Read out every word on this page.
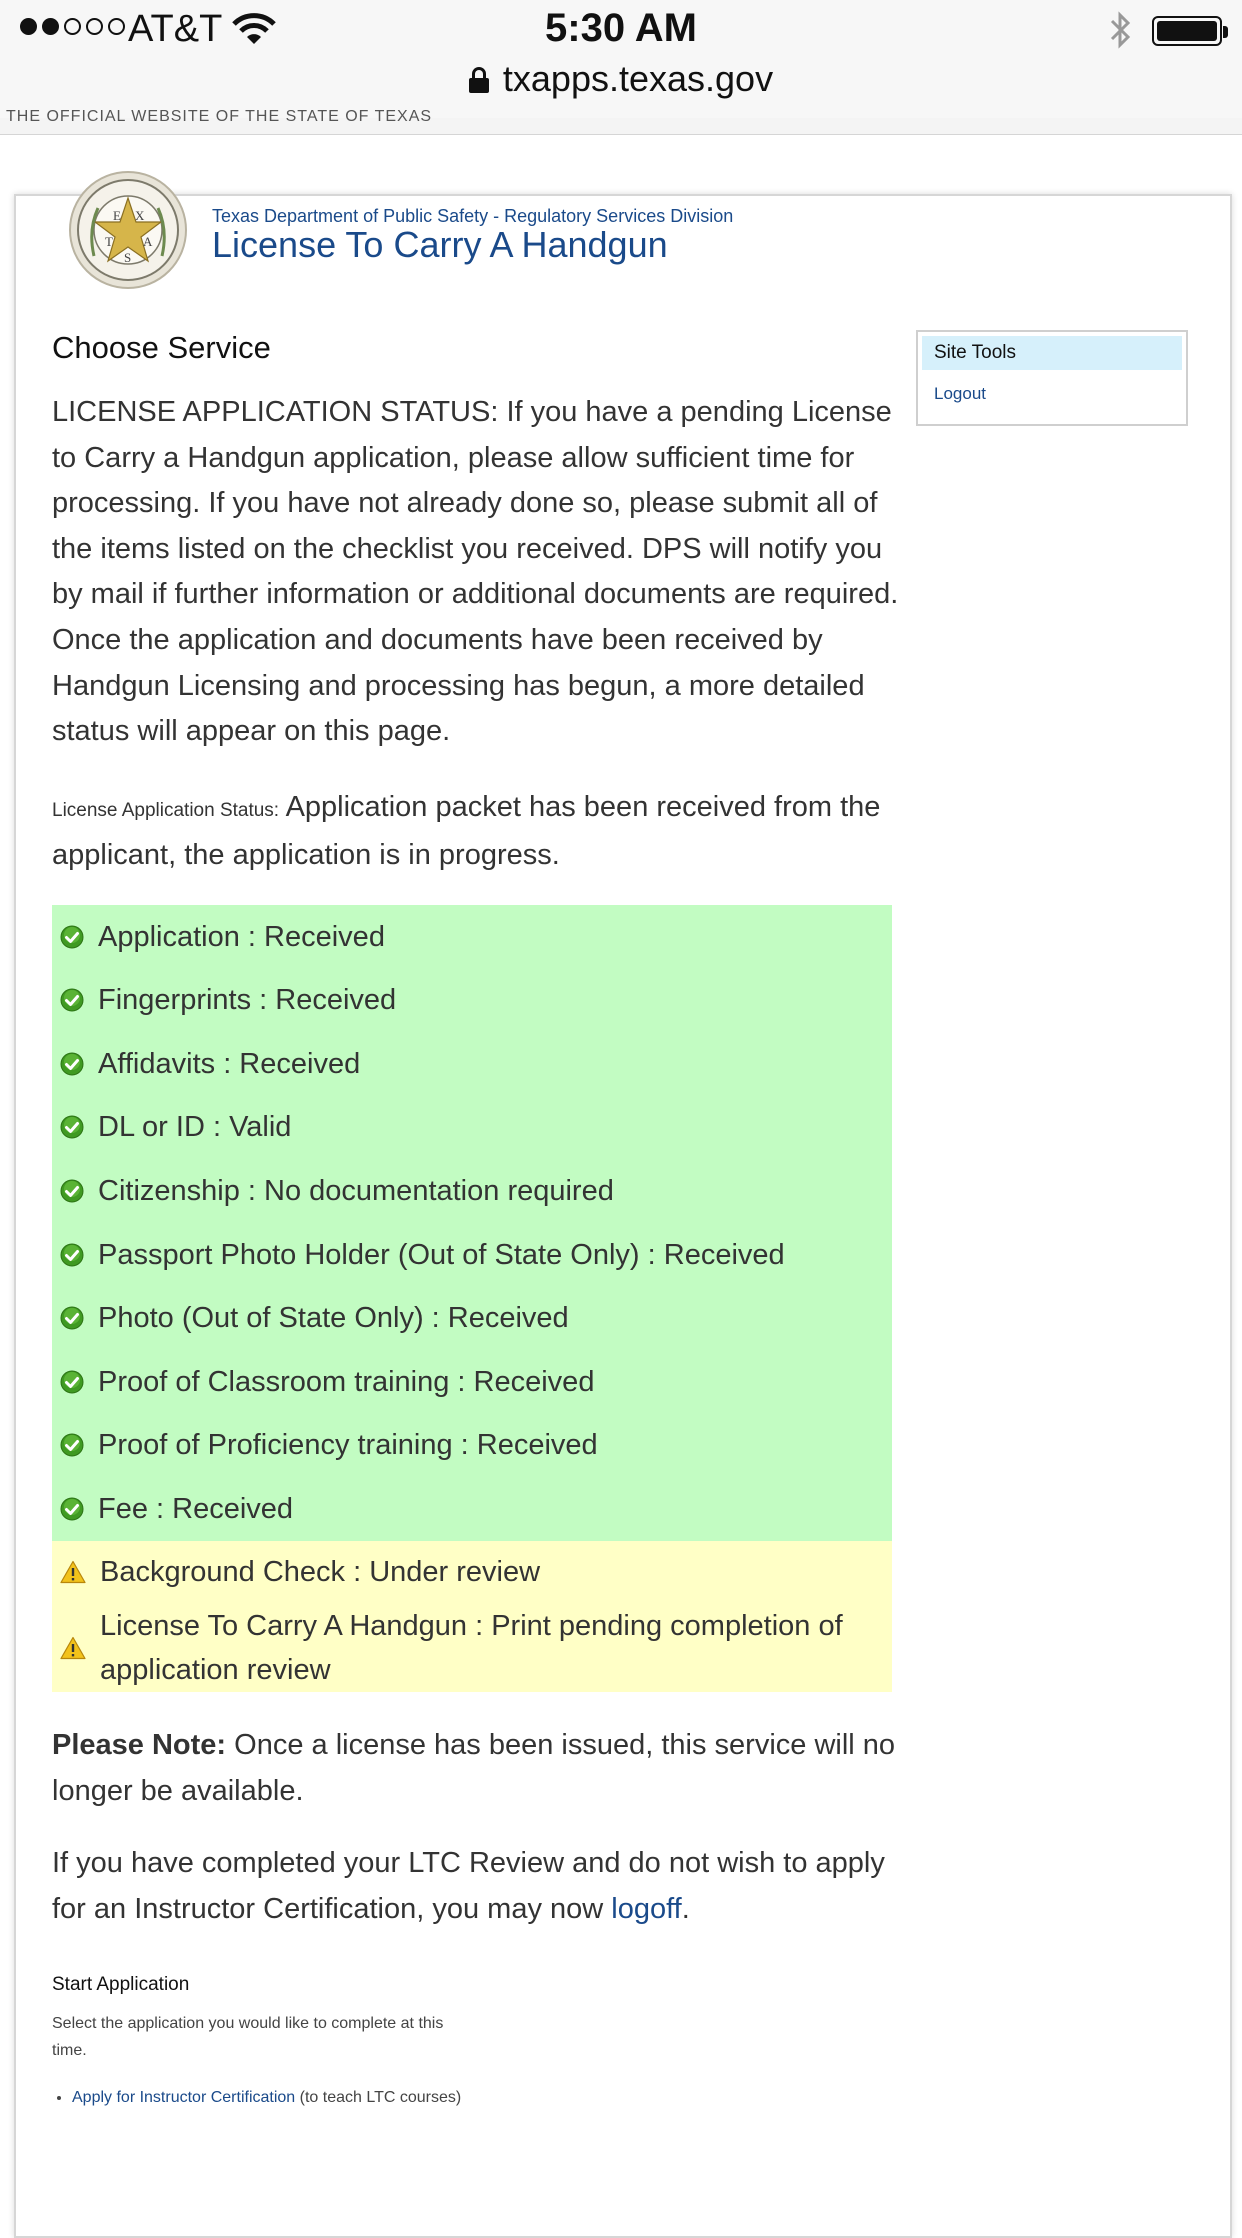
AT&T	5:30 AM
txapps.texas.gov
THE OFFICIAL WEBSITE OF THE STATE OF TEXAS
E X
T
S
A
Texas Department of Public Safety - Regulatory Services Division
License To Carry A Handgun
Choose Service

LICENSE APPLICATION STATUS: If you have a pending License to Carry a Handgun application, please allow sufficient time for processing. If you have not already done so, please submit all of the items listed on the checklist you received. DPS will notify you by mail if further information or additional documents are required. Once the application and documents have been received by Handgun Licensing and processing has begun, a more detailed status will appear on this page.

License Application Status: Application packet has been received from the applicant, the application is in progress.

Application : Received
Fingerprints : Received
Affidavits : Received
DL or ID : Valid
Citizenship : No documentation required
Passport Photo Holder (Out of State Only) : Received
Photo (Out of State Only) : Received
Proof of Classroom training : Received
Proof of Proficiency training : Received
Fee : Received
Background Check : Under review
License To Carry A Handgun : Print pending completion of application review

Please Note: Once a license has been issued, this service will no longer be available.

If you have completed your LTC Review and do not wish to apply for an Instructor Certification, you may now logoff.

Start Application
Select the application you would like to complete at this time.
• Apply for Instructor Certification (to teach LTC courses)
Site Tools
Logout
